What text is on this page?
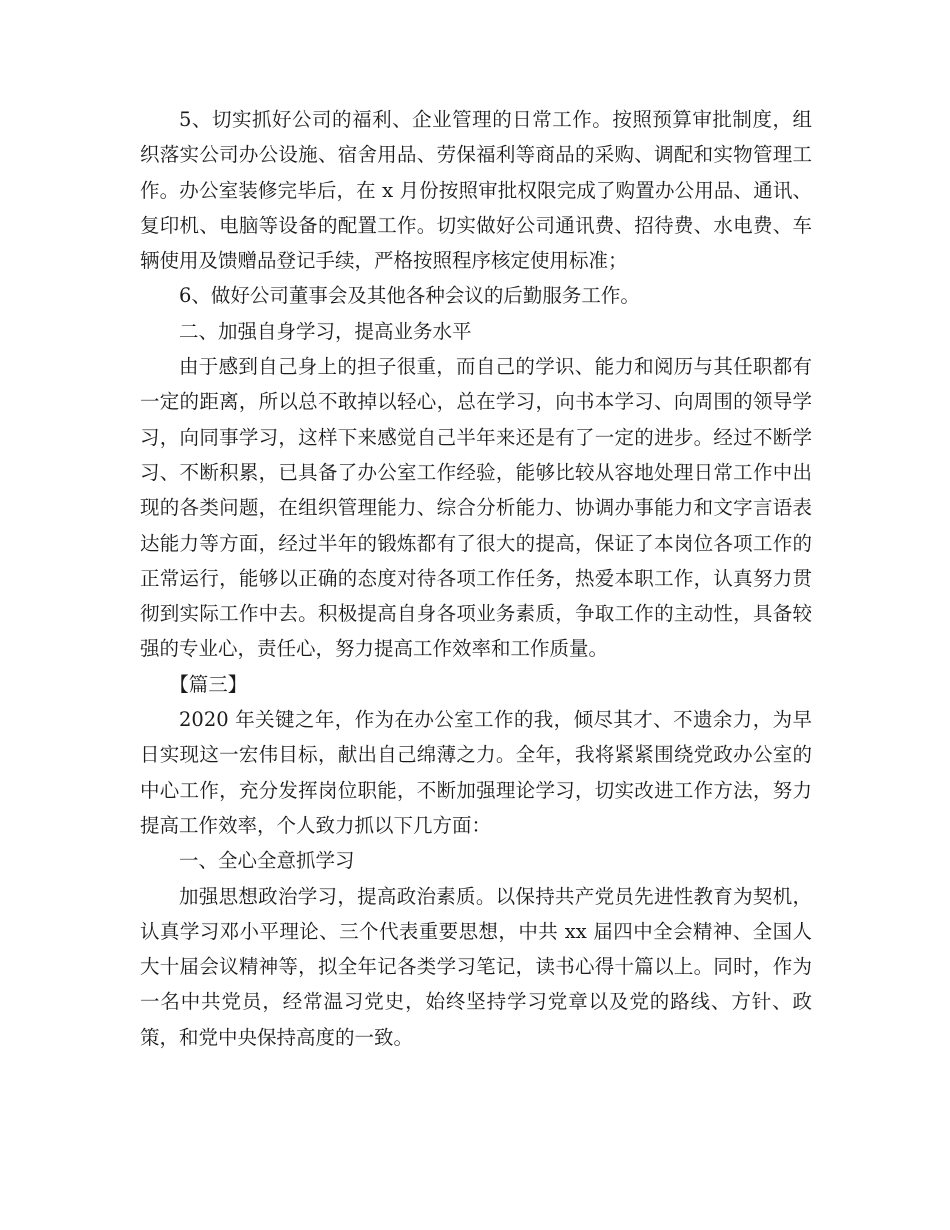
5、切实抓好公司的福利、企业管理的日常工作。按照预算审批制度，组织落实公司办公设施、宿舍用品、劳保福利等商品的采购、调配和实物管理工作。办公室装修完毕后，在 x 月份按照审批权限完成了购置办公用品、通讯、复印机、电脑等设备的配置工作。切实做好公司通讯费、招待费、水电费、车辆使用及馈赠品登记手续，严格按照程序核定使用标准；

6、做好公司董事会及其他各种会议的后勤服务工作。

二、加强自身学习，提高业务水平

由于感到自己身上的担子很重，而自己的学识、能力和阅历与其任职都有一定的距离，所以总不敢掉以轻心，总在学习，向书本学习、向周围的领导学习，向同事学习，这样下来感觉自己半年来还是有了一定的进步。经过不断学习、不断积累，已具备了办公室工作经验，能够比较从容地处理日常工作中出现的各类问题，在组织管理能力、综合分析能力、协调办事能力和文字言语表达能力等方面，经过半年的锻炼都有了很大的提高，保证了本岗位各项工作的正常运行，能够以正确的态度对待各项工作任务，热爱本职工作，认真努力贯彻到实际工作中去。积极提高自身各项业务素质，争取工作的主动性，具备较强的专业心，责任心，努力提高工作效率和工作质量。

【篇三】

2020 年关键之年，作为在办公室工作的我，倾尽其才、不遗余力，为早日实现这一宏伟目标，献出自己绵薄之力。全年，我将紧紧围绕党政办公室的中心工作，充分发挥岗位职能，不断加强理论学习，切实改进工作方法，努力提高工作效率，个人致力抓以下几方面：

一、全心全意抓学习

加强思想政治学习，提高政治素质。以保持共产党员先进性教育为契机，认真学习邓小平理论、三个代表重要思想，中共 xx 届四中全会精神、全国人大十届会议精神等，拟全年记各类学习笔记，读书心得十篇以上。同时，作为一名中共党员，经常温习党史，始终坚持学习党章以及党的路线、方针、政策，和党中央保持高度的一致。
